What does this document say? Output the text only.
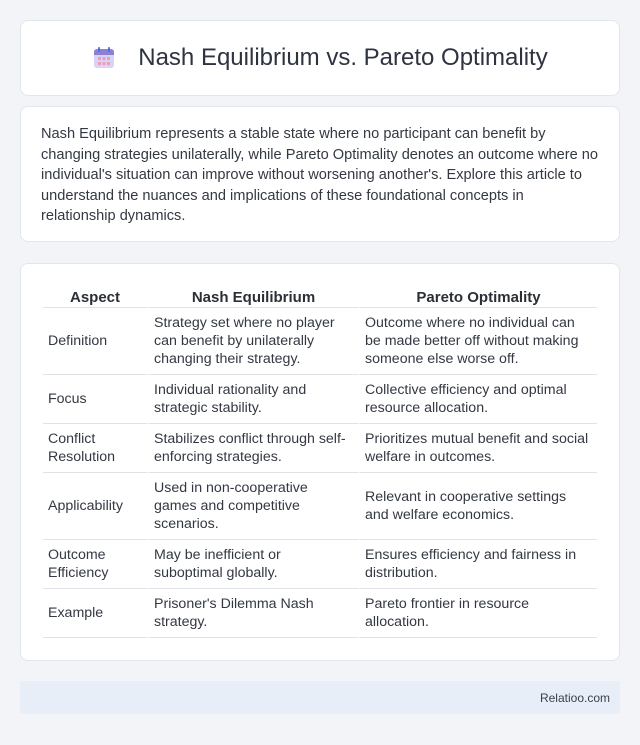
Nash Equilibrium vs. Pareto Optimality

Nash Equilibrium represents a stable state where no participant can benefit by changing strategies unilaterally, while Pareto Optimality denotes an outcome where no individual's situation can improve without worsening another's. Explore this article to understand the nuances and implications of these foundational concepts in relationship dynamics.

Aspect	Nash Equilibrium	Pareto Optimality
Definition	Strategy set where no player can benefit by unilaterally changing their strategy.	Outcome where no individual can be made better off without making someone else worse off.
Focus	Individual rationality and strategic stability.	Collective efficiency and optimal resource allocation.
Conflict Resolution	Stabilizes conflict through self-enforcing strategies.	Prioritizes mutual benefit and social welfare in outcomes.
Applicability	Used in non-cooperative games and competitive scenarios.	Relevant in cooperative settings and welfare economics.
Outcome Efficiency	May be inefficient or suboptimal globally.	Ensures efficiency and fairness in distribution.
Example	Prisoner's Dilemma Nash strategy.	Pareto frontier in resource allocation.
Relatioo.com
